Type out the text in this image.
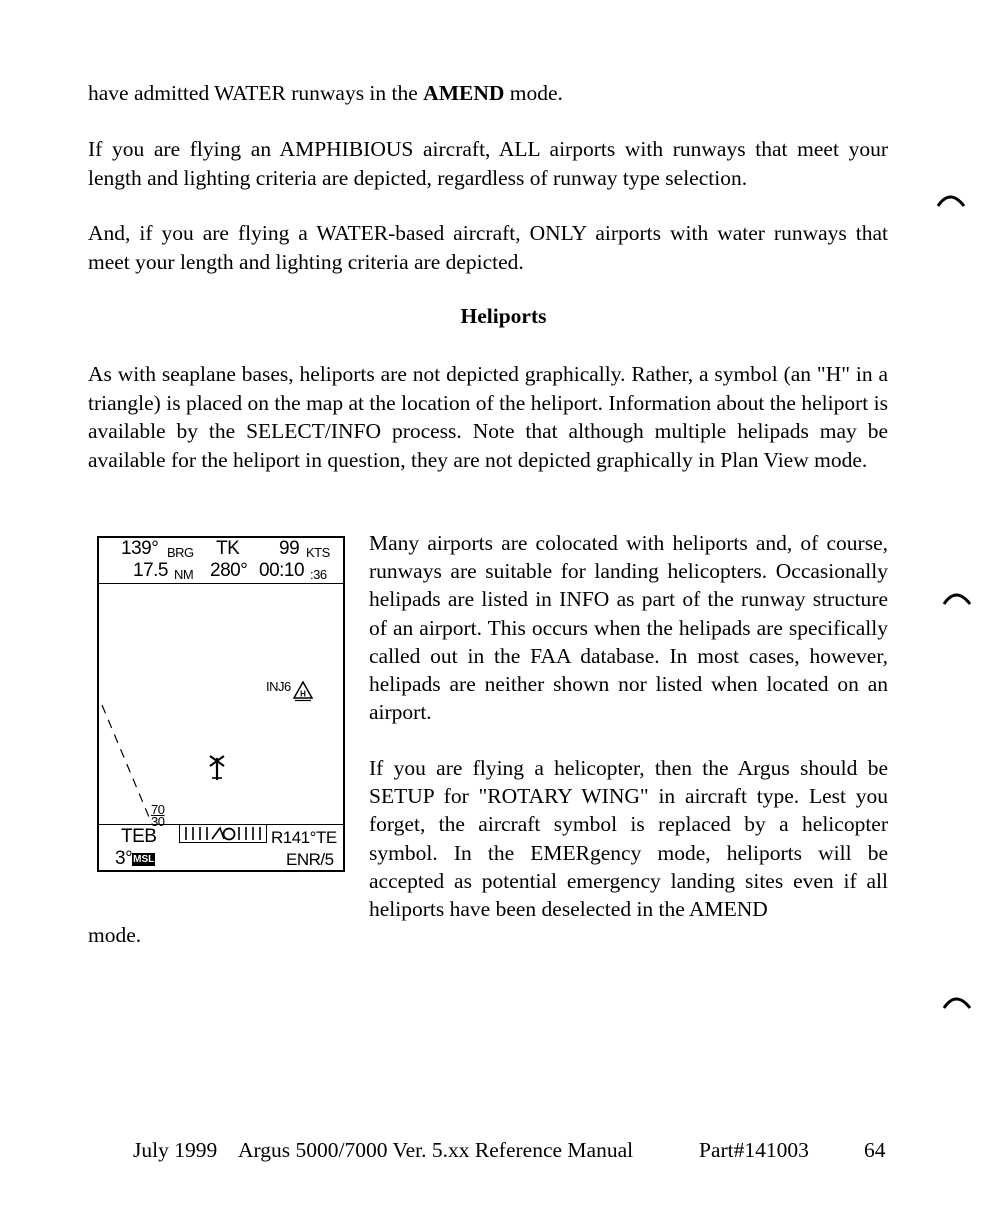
have admitted WATER runways in the AMEND mode.

If you are flying an AMPHIBIOUS aircraft, ALL airports with runways that meet your length and lighting criteria are depicted, regardless of runway type selection.

And, if you are flying a WATER-based aircraft, ONLY airports with water runways that meet your length and lighting criteria are depicted.

Heliports

As with seaplane bases, heliports are not depicted graphically. Rather, a symbol (an "H" in a triangle) is placed on the map at the location of the heliport. Information about the heliport is available by the SELECT/INFO process. Note that although multiple helipads may be available for the heliport in question, they are not depicted graphically in Plan View mode.

Many airports are colocated with heliports and, of course, runways are suitable for landing helicopters. Occasionally helipads are listed in INFO as part of the runway structure of an airport. This occurs when the helipads are specifically called out in the FAA database. In most cases, however, helipads are neither shown nor listed when located on an airport.

If you are flying a helicopter, then the Argus should be SETUP for "ROTARY WING" in aircraft type. Lest you forget, the aircraft symbol is replaced by a helicopter symbol. In the EMERgency mode, heliports will be accepted as potential emergency landing sites even if all heliports have been deselected in the AMEND

mode.

139° BRG TK 99 KTS
17.5 NM 280° 00:10 :36
H
INJ6
70
30
TEB	R141°TE
3°MSL	ENR/5
July 1999 Argus 5000/7000 Ver. 5.xx Reference Manual	Part#141003	64
